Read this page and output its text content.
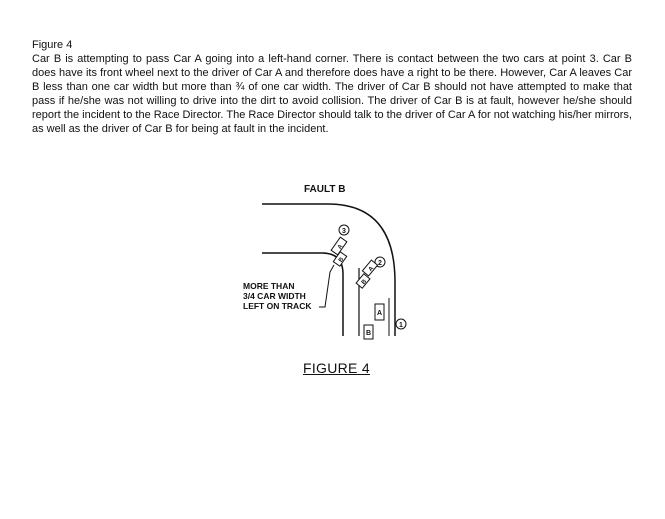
Figure 4
Car B is attempting to pass Car A going into a left-hand corner. There is contact between the two cars at point 3. Car B does have its front wheel next to the driver of Car A and therefore does have a right to be there. However, Car A leaves Car B less than one car width but more than ¾ of one car width. The driver of Car B should not have attempted to make that pass if he/she was not willing to drive into the dirt to avoid collision. The driver of Car B is at fault, however he/she should report the incident to the Race Director. The Race Director should talk to the driver of Car A for not watching his/her mirrors, as well as the driver of Car B for being at fault in the incident.
FAULT B
MORE THAN
3/4 CAR WIDTH
LEFT ON TRACK
3
2
1
A
B
A
B
A
B
FIGURE 4
